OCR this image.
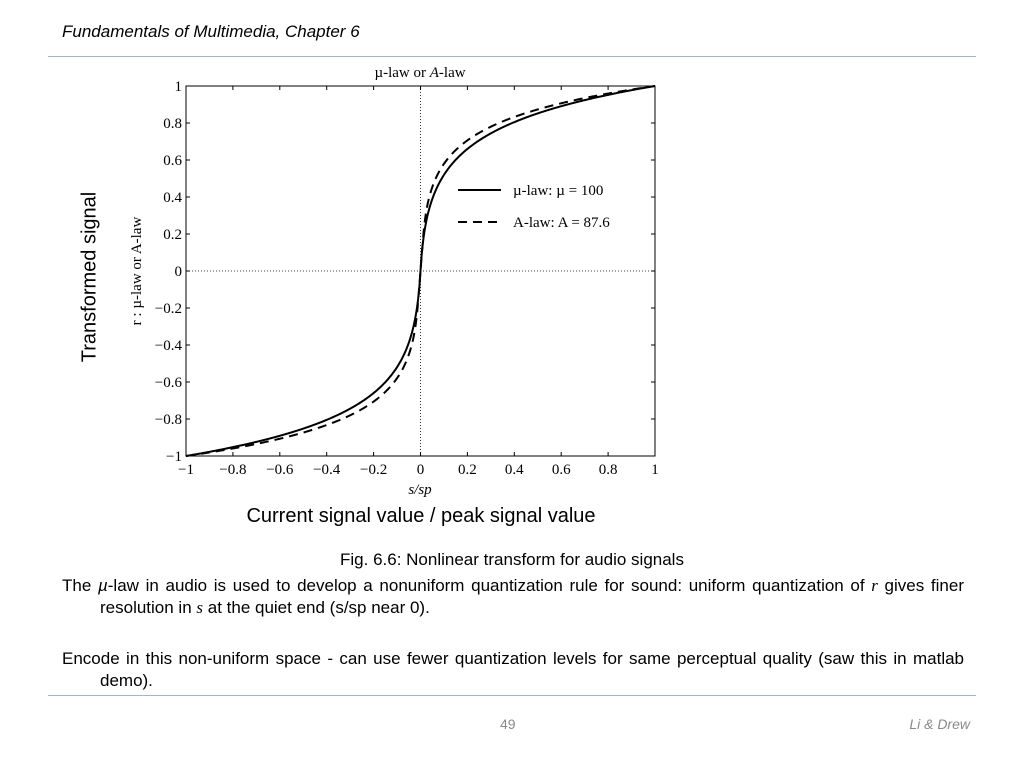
Fundamentals of Multimedia, Chapter 6
µ-law or A-law
−1 −0.8 −0.6 −0.4 −0.2 0 0.2 0.4 0.6 0.8 1
−1
−0.8
−0.6
−0.4
−0.2
0
0.2
0.4
0.6
0.8
1
µ-law: µ = 100
A-law: A = 87.6
r : µ-law or A-law
s/sp
Transformed signal
Current signal value / peak signal value
Fig. 6.6: Nonlinear transform for audio signals
The µ-law in audio is used to develop a nonuniform quantization rule for sound: uniform quantization of r gives finer resolution in s at the quiet end (s/sp near 0).
Encode in this non-uniform space - can use fewer quantization levels for same perceptual quality (saw this in matlab demo).
49	Li & Drew
